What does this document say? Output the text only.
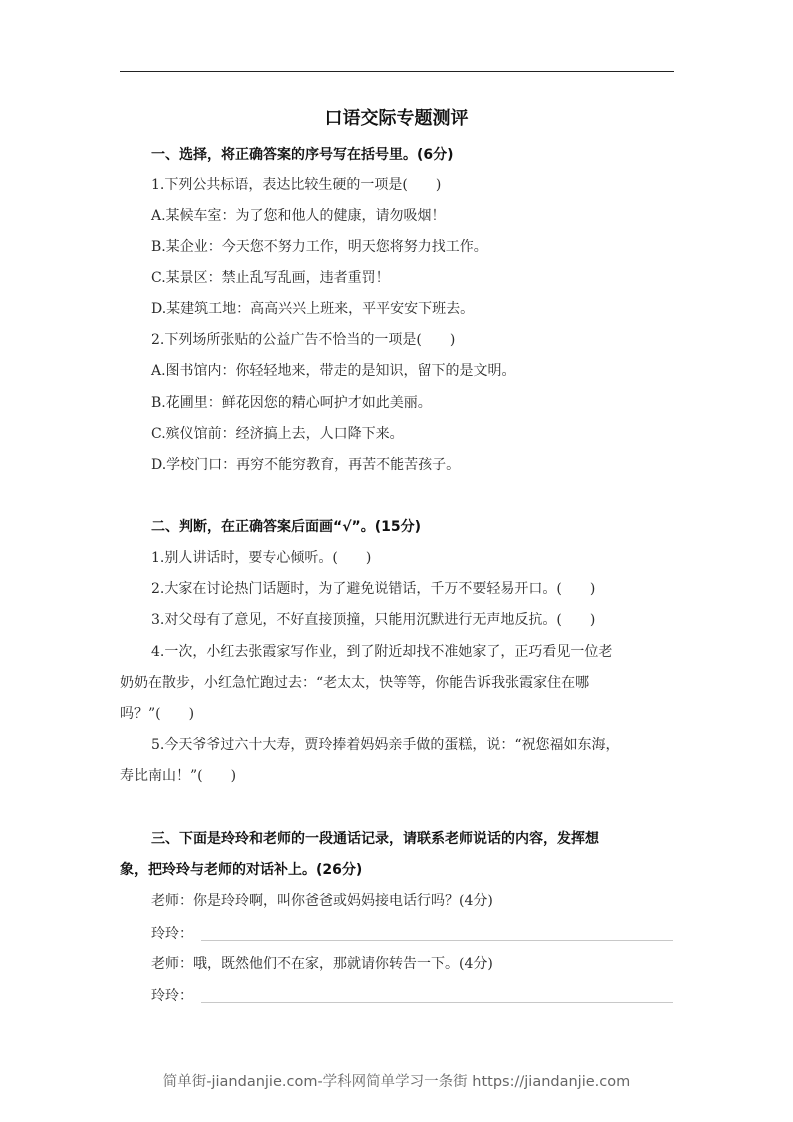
口语交际专题测评
一、选择，将正确答案的序号写在括号里。(6分)
1.下列公共标语，表达比较生硬的一项是(　　)
A.某候车室：为了您和他人的健康，请勿吸烟！
B.某企业：今天您不努力工作，明天您将努力找工作。
C.某景区：禁止乱写乱画，违者重罚！
D.某建筑工地：高高兴兴上班来，平平安安下班去。
2.下列场所张贴的公益广告不恰当的一项是(　　)
A.图书馆内：你轻轻地来，带走的是知识，留下的是文明。
B.花圃里：鲜花因您的精心呵护才如此美丽。
C.殡仪馆前：经济搞上去，人口降下来。
D.学校门口：再穷不能穷教育，再苦不能苦孩子。
二、判断，在正确答案后面画“√”。(15分)
1.别人讲话时，要专心倾听。(　　)
2.大家在讨论热门话题时，为了避免说错话，千万不要轻易开口。(　　)
3.对父母有了意见，不好直接顶撞，只能用沉默进行无声地反抗。(　　)
4.一次，小红去张霞家写作业，到了附近却找不准她家了，正巧看见一位老
奶奶在散步，小红急忙跑过去：“老太太，快等等，你能告诉我张霞家住在哪
吗？”(　　)
5.今天爷爷过六十大寿，贾玲捧着妈妈亲手做的蛋糕，说：“祝您福如东海，
寿比南山！”(　　)
三、下面是玲玲和老师的一段通话记录，请联系老师说话的内容，发挥想
象，把玲玲与老师的对话补上。(26分)
老师：你是玲玲啊，叫你爸爸或妈妈接电话行吗？(4分)
玲玲：
老师：哦，既然他们不在家，那就请你转告一下。(4分)
玲玲：
简单街-jiandanjie.com-学科网简单学习一条街 https://jiandanjie.com
